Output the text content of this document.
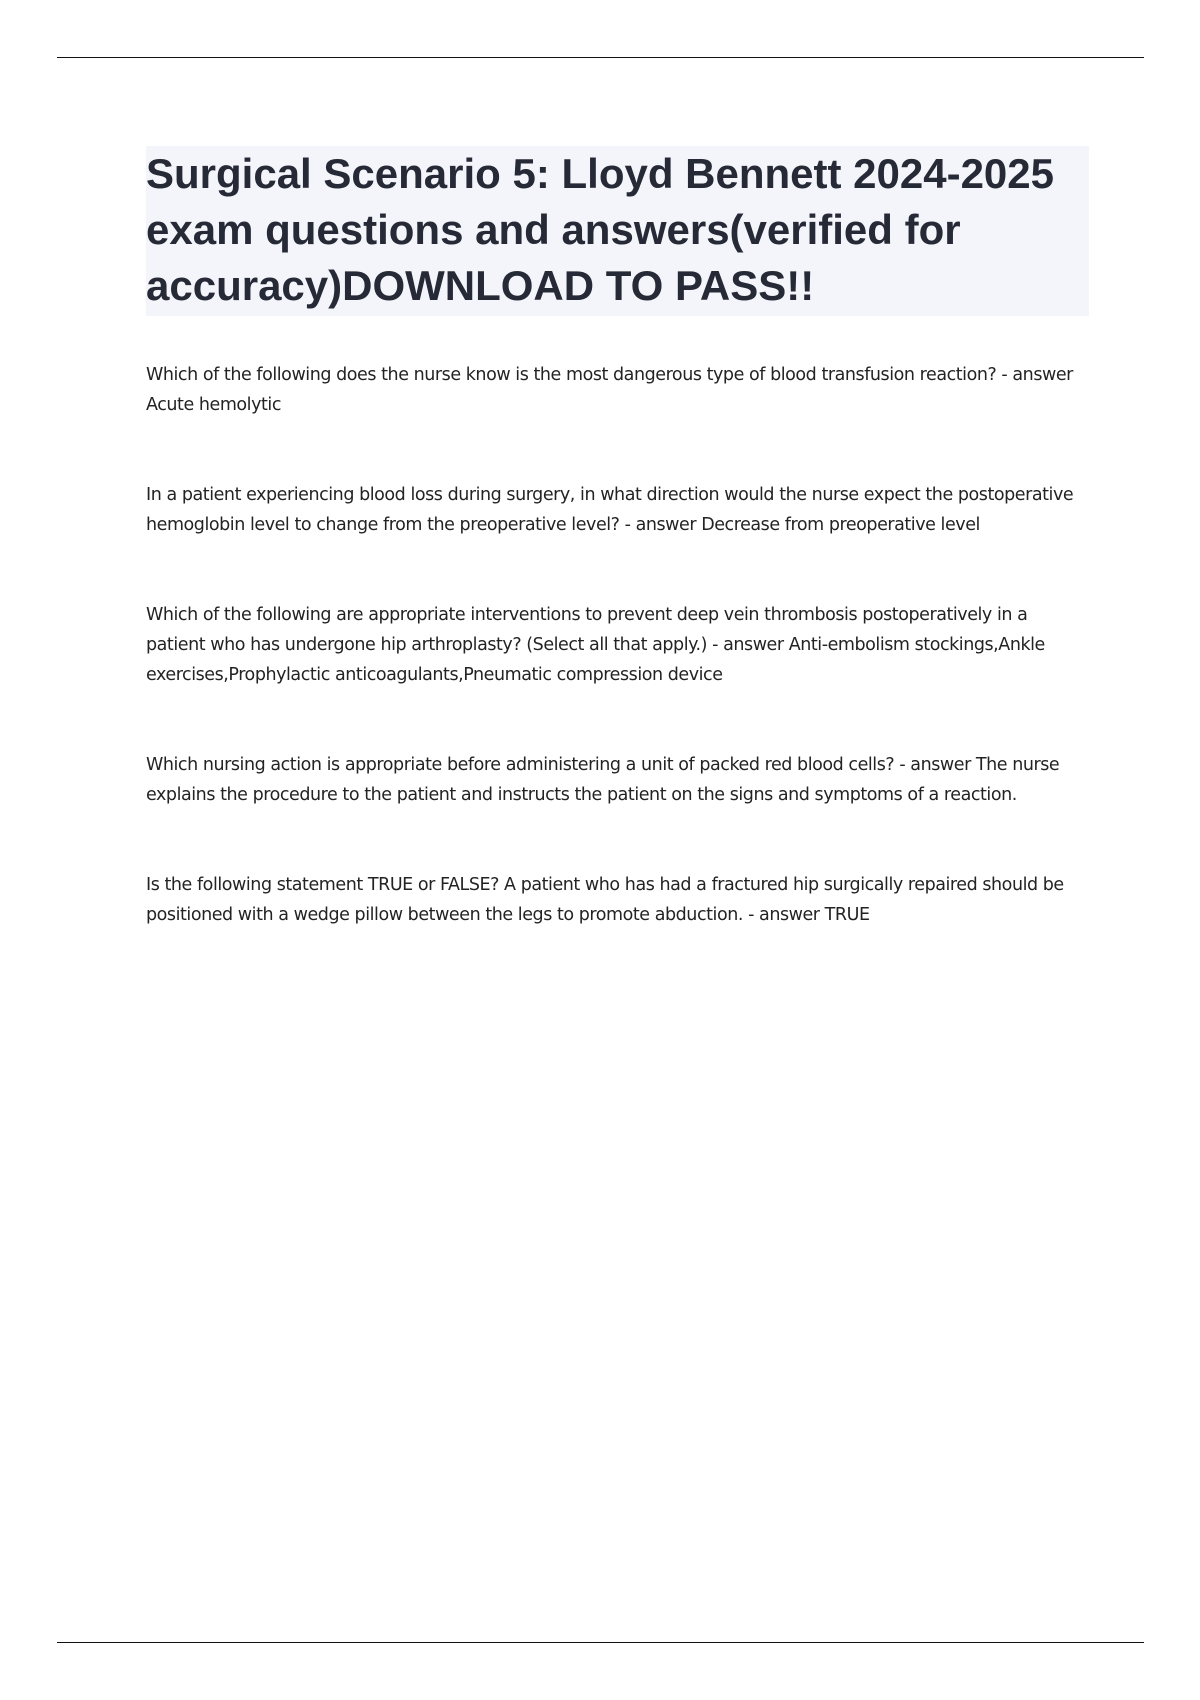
Surgical Scenario 5: Lloyd Bennett 2024-2025 exam questions and answers(verified for accuracy)DOWNLOAD TO PASS!!

Which of the following does the nurse know is the most dangerous type of blood transfusion reaction? - answer Acute hemolytic

In a patient experiencing blood loss during surgery, in what direction would the nurse expect the postoperative hemoglobin level to change from the preoperative level? - answer Decrease from preoperative level

Which of the following are appropriate interventions to prevent deep vein thrombosis postoperatively in a patient who has undergone hip arthroplasty? (Select all that apply.) - answer Anti-embolism stockings,Ankle exercises,Prophylactic anticoagulants,Pneumatic compression device

Which nursing action is appropriate before administering a unit of packed red blood cells? - answer The nurse explains the procedure to the patient and instructs the patient on the signs and symptoms of a reaction.

Is the following statement TRUE or FALSE? A patient who has had a fractured hip surgically repaired should be positioned with a wedge pillow between the legs to promote abduction. - answer TRUE
